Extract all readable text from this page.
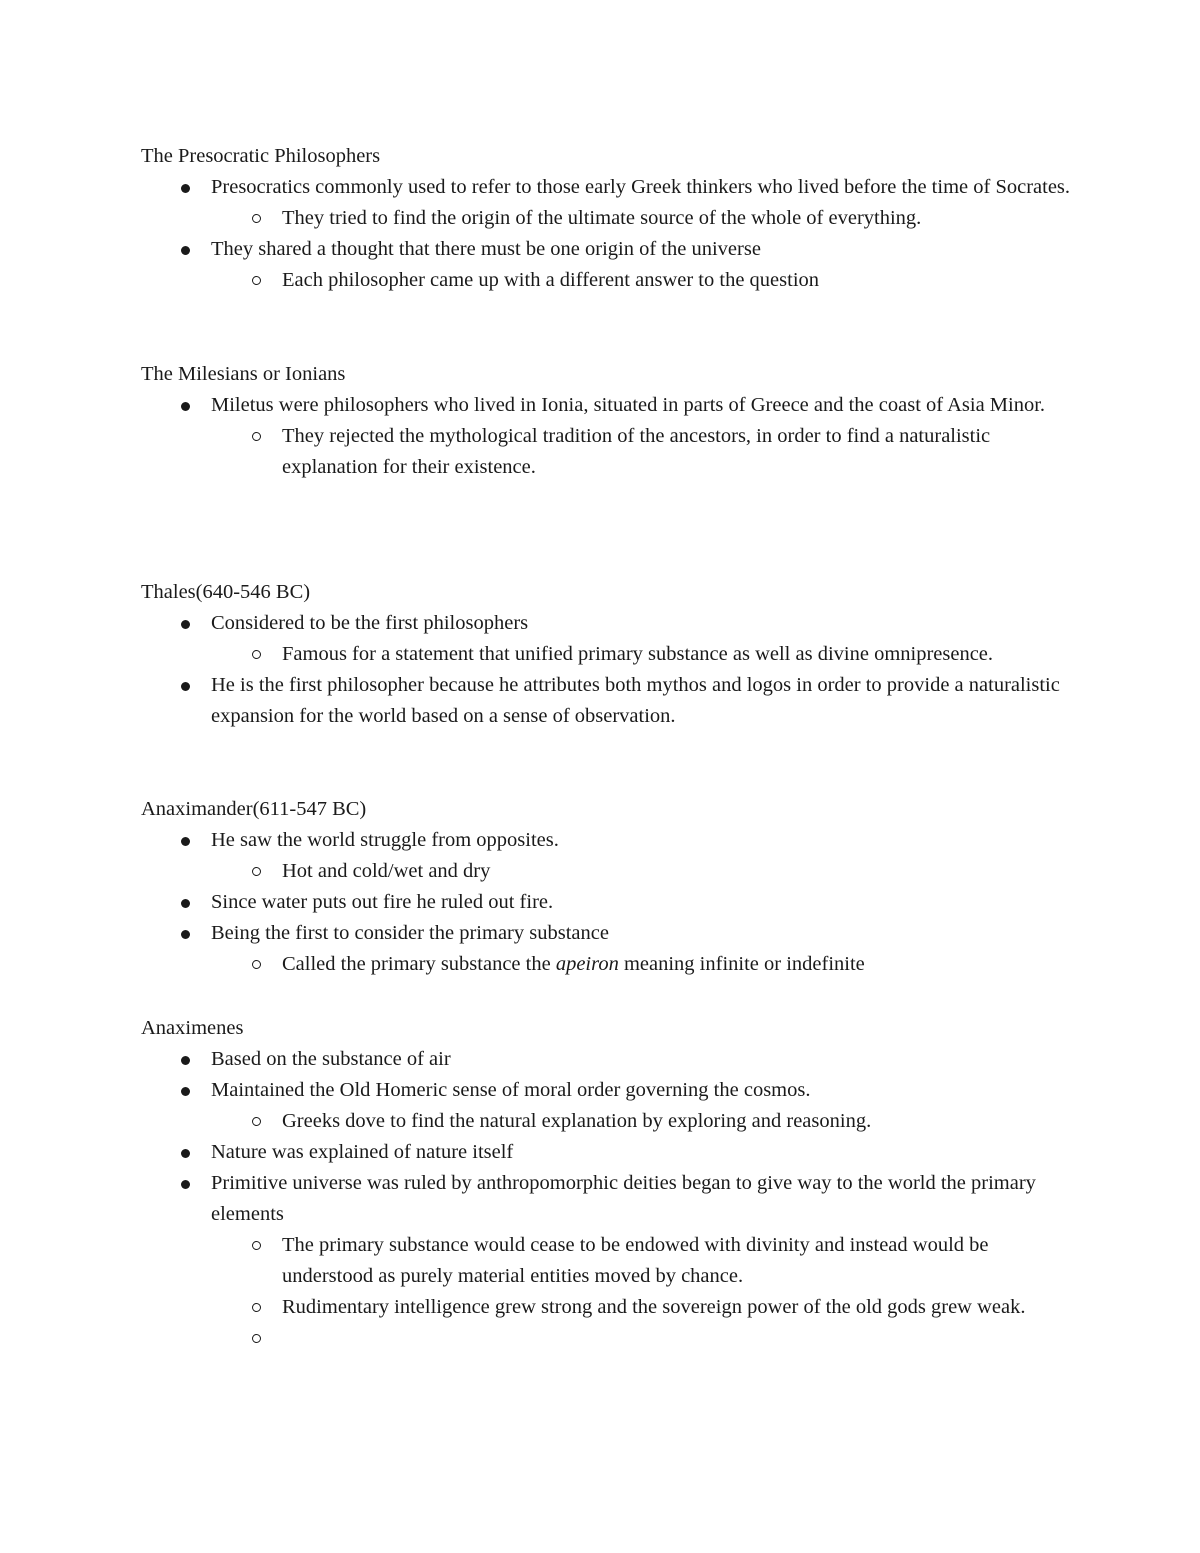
The Presocratic Philosophers
Presocratics commonly used to refer to those early Greek thinkers who lived before the time of Socrates.
They tried to find the origin of the ultimate source of the whole of everything.
They shared a thought that there must be one origin of the universe
Each philosopher came up with a different answer to the question
The Milesians or Ionians
Miletus were philosophers who lived in Ionia, situated in parts of Greece and the coast of Asia Minor.
They rejected the mythological tradition of the ancestors, in order to find a naturalistic explanation for their existence.
Thales(640-546 BC)
Considered to be the first philosophers
Famous for a statement that unified primary substance as well as divine omnipresence.
He is the first philosopher because he attributes both mythos and logos in order to provide a naturalistic expansion for the world based on a sense of observation.
Anaximander(611-547 BC)
He saw the world struggle from opposites.
Hot and cold/wet and dry
Since water puts out fire he ruled out fire.
Being the first to consider the primary substance
Called the primary substance the apeiron meaning infinite or indefinite
Anaximenes
Based on the substance of air
Maintained the Old Homeric sense of moral order governing the cosmos.
Greeks dove to find the natural explanation by exploring and reasoning.
Nature was explained of nature itself
Primitive universe was ruled by anthropomorphic deities began to give way to the world the primary elements
The primary substance would cease to be endowed with divinity and instead would be understood as purely material entities moved by chance.
Rudimentary intelligence grew strong and the sovereign power of the old gods grew weak.
